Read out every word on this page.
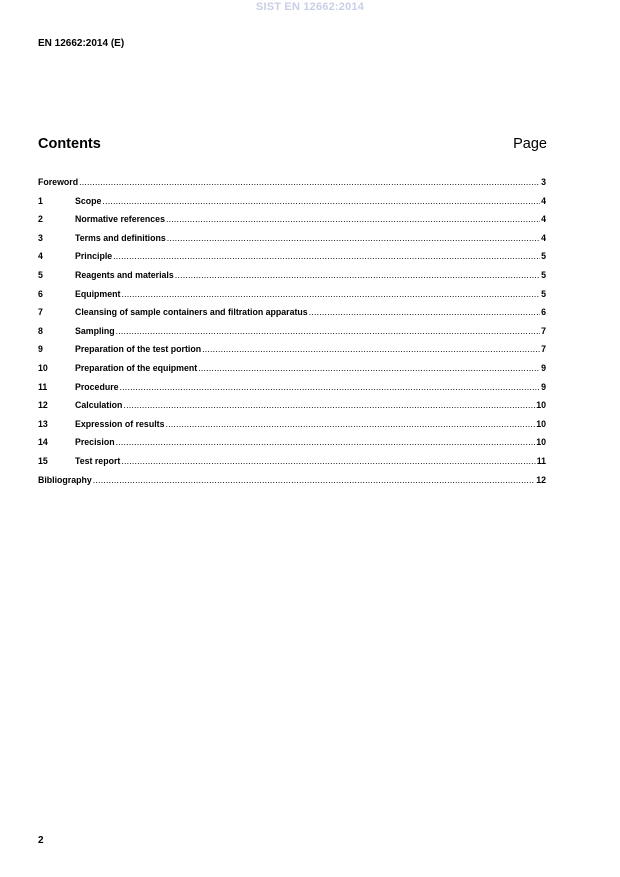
SIST EN 12662:2014
EN 12662:2014 (E)
Contents	Page
Foreword .....	3
1	Scope .....	4
2	Normative references .....	4
3	Terms and definitions .....	4
4	Principle .....	5
5	Reagents and materials .....	5
6	Equipment .....	5
7	Cleansing of sample containers and filtration apparatus .....	6
8	Sampling .....	7
9	Preparation of the test portion .....	7
10	Preparation of the equipment .....	9
11	Procedure .....	9
12	Calculation .....	10
13	Expression of results .....	10
14	Precision .....	10
15	Test report .....	11
Bibliography .....	12
2
